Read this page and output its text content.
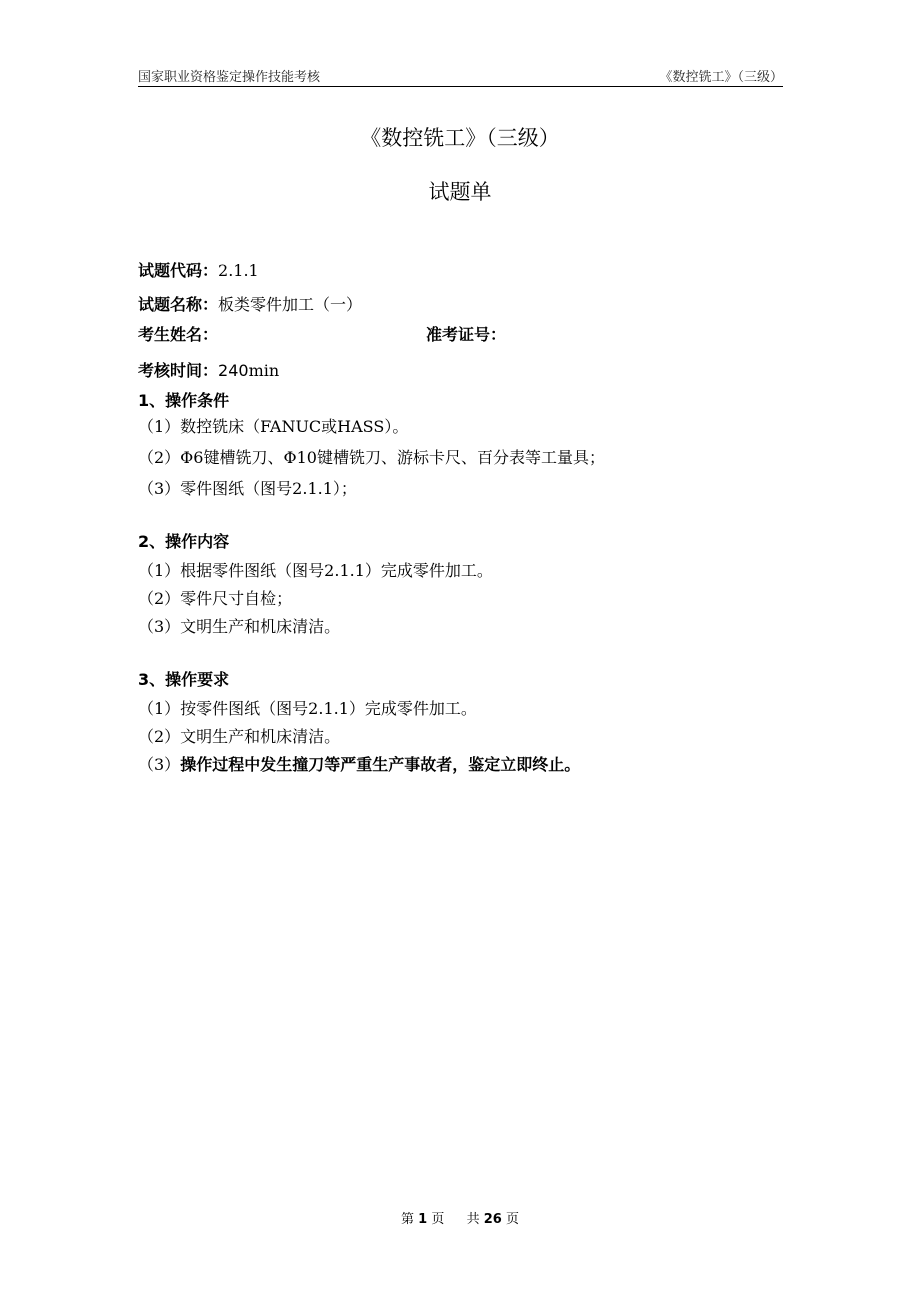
国家职业资格鉴定操作技能考核	《数控铣工》（三级）
《数控铣工》（三级）
试题单
试题代码：2.1.1
试题名称：板类零件加工（一）
考生姓名：	准考证号：
考核时间：240min
1、操作条件
（1）数控铣床（FANUC或HASS）。
（2）Φ6键槽铣刀、Φ10键槽铣刀、游标卡尺、百分表等工量具；
（3）零件图纸（图号2.1.1）；
2、操作内容
（1）根据零件图纸（图号2.1.1）完成零件加工。
（2）零件尺寸自检；
（3）文明生产和机床清洁。
3、操作要求
（1）按零件图纸（图号2.1.1）完成零件加工。
（2）文明生产和机床清洁。
（3）操作过程中发生撞刀等严重生产事故者，鉴定立即终止。
第 1 页 共 26 页
